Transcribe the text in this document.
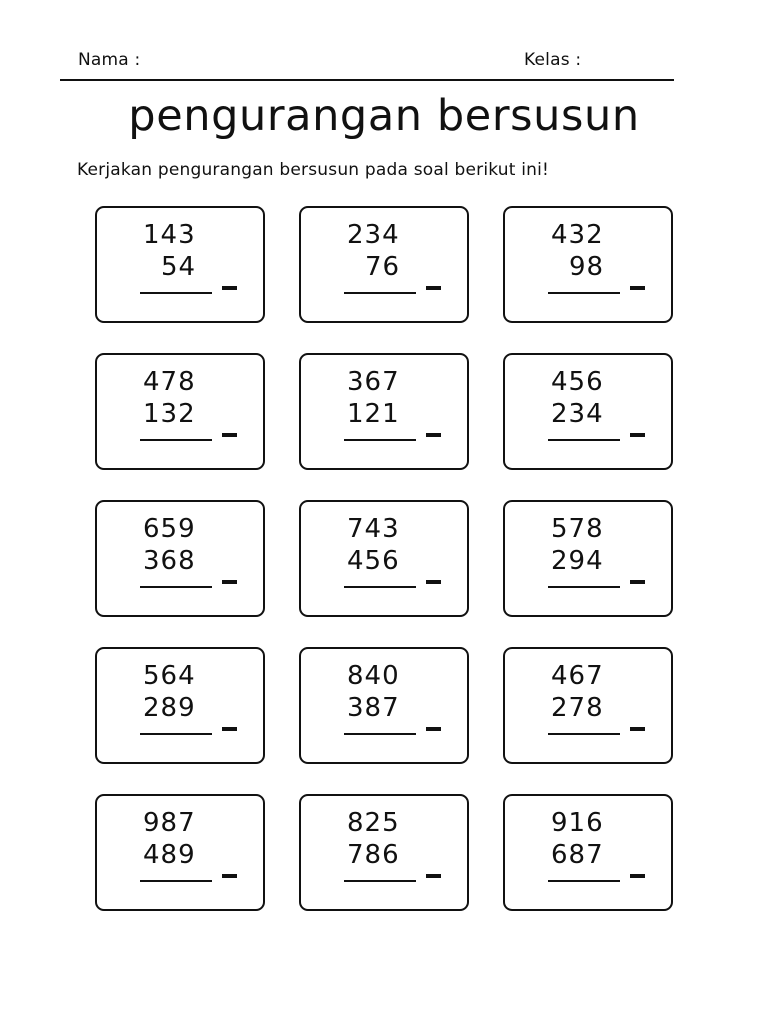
Nama :	Kelas :
pengurangan bersusun
Kerjakan pengurangan bersusun pada soal berikut ini!
143
54
234
76
432
98
478
132
367
121
456
234
659
368
743
456
578
294
564
289
840
387
467
278
987
489
825
786
916
687
